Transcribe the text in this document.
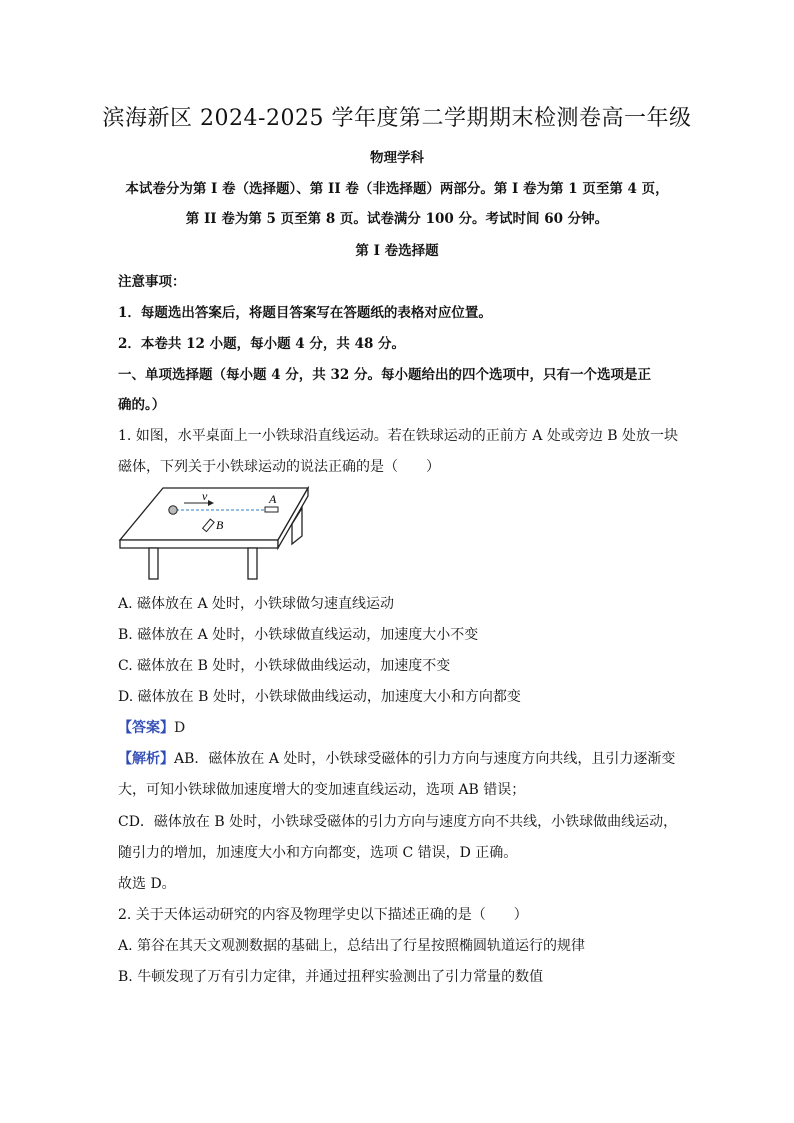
滨海新区 2024-2025 学年度第二学期期末检测卷高一年级
物理学科
本试卷分为第 I 卷（选择题）、第 II 卷（非选择题）两部分。第 I 卷为第 1 页至第 4 页，
第 II 卷为第 5 页至第 8 页。试卷满分 100 分。考试时间 60 分钟。
第 I 卷选择题
注意事项：
1．每题选出答案后，将题目答案写在答题纸的表格对应位置。
2．本卷共 12 小题，每小题 4 分，共 48 分。
一、单项选择题（每小题 4 分，共 32 分。每小题给出的四个选项中，只有一个选项是正
确的。）
1. 如图，水平桌面上一小铁球沿直线运动。若在铁球运动的正前方 A 处或旁边 B 处放一块
磁体，下列关于小铁球运动的说法正确的是（　　）
v	A
B
A. 磁体放在 A 处时，小铁球做匀速直线运动
B. 磁体放在 A 处时，小铁球做直线运动，加速度大小不变
C. 磁体放在 B 处时，小铁球做曲线运动，加速度不变
D. 磁体放在 B 处时，小铁球做曲线运动，加速度大小和方向都变
【答案】D
【解析】AB．磁体放在 A 处时，小铁球受磁体的引力方向与速度方向共线，且引力逐渐变
大，可知小铁球做加速度增大的变加速直线运动，选项 AB 错误；
CD．磁体放在 B 处时，小铁球受磁体的引力方向与速度方向不共线，小铁球做曲线运动，
随引力的增加，加速度大小和方向都变，选项 C 错误，D 正确。
故选 D。
2. 关于天体运动研究的内容及物理学史以下描述正确的是（　　）
A. 第谷在其天文观测数据的基础上，总结出了行星按照椭圆轨道运行的规律
B. 牛顿发现了万有引力定律，并通过扭秤实验测出了引力常量的数值
